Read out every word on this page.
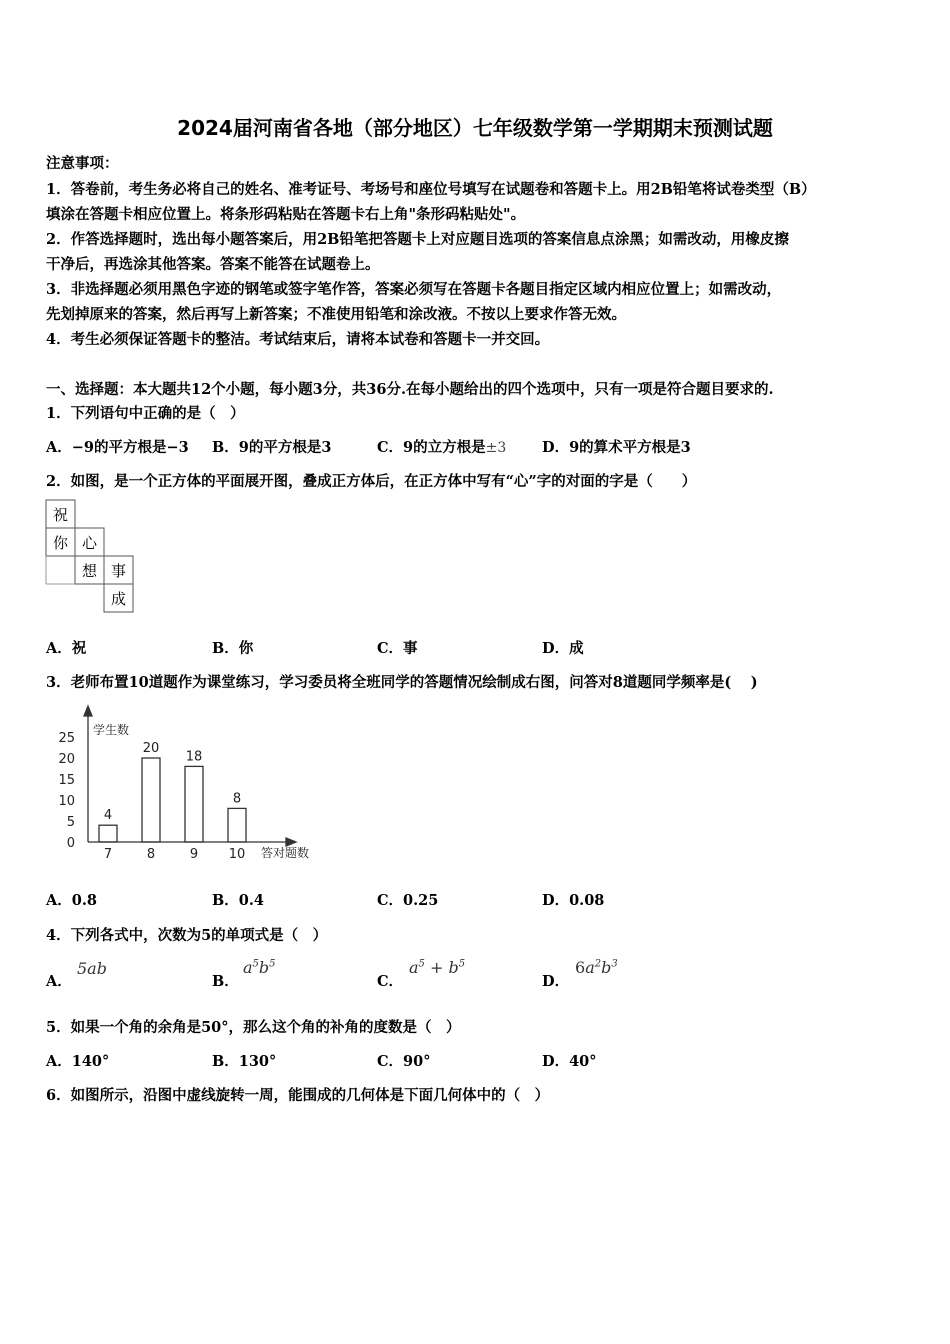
2024届河南省各地（部分地区）七年级数学第一学期期末预测试题
注意事项：
1．答卷前，考生务必将自己的姓名、准考证号、考场号和座位号填写在试题卷和答题卡上。用2B铅笔将试卷类型（B）
填涂在答题卡相应位置上。将条形码粘贴在答题卡右上角"条形码粘贴处"。
2．作答选择题时，选出每小题答案后，用2B铅笔把答题卡上对应题目选项的答案信息点涂黑；如需改动，用橡皮擦
干净后，再选涂其他答案。答案不能答在试题卷上。
3．非选择题必须用黑色字迹的钢笔或签字笔作答，答案必须写在答题卡各题目指定区域内相应位置上；如需改动，
先划掉原来的答案，然后再写上新答案；不准使用铅笔和涂改液。不按以上要求作答无效。
4．考生必须保证答题卡的整洁。考试结束后，请将本试卷和答题卡一并交回。
一、选择题：本大题共12个小题，每小题3分，共36分.在每小题给出的四个选项中，只有一项是符合题目要求的.
1．下列语句中正确的是（　）
A．−9的平方根是−3 B．9的平方根是3	C．9的立方根是±3 D．9的算术平方根是3
2．如图，是一个正方体的平面展开图，叠成正方体后，在正方体中写有“心”字的对面的字是（　　）
祝
你 心
想 事
成
A．祝	B．你	C．事	D．成
3．老师布置10道题作为课堂练习，学习委员将全班同学的答题情况绘制成右图，问答对8道题同学频率是(　 )
学生数
答对题数
0
5
10
15
20
25
4
7
20
8
18
9
8
10
A．0.8	B．0.4	C．0.25	D．0.08
4．下列各式中，次数为5的单项式是（　）
A．
5ab
B．
$a^5b^5$
C．
$a^5 + b^5$
D．
$6a^2b^3$
5．如果一个角的余角是50°，那么这个角的补角的度数是（　）
A．140°	B．130°	C．90°	D．40°
6．如图所示，沿图中虚线旋转一周，能围成的几何体是下面几何体中的（　）
